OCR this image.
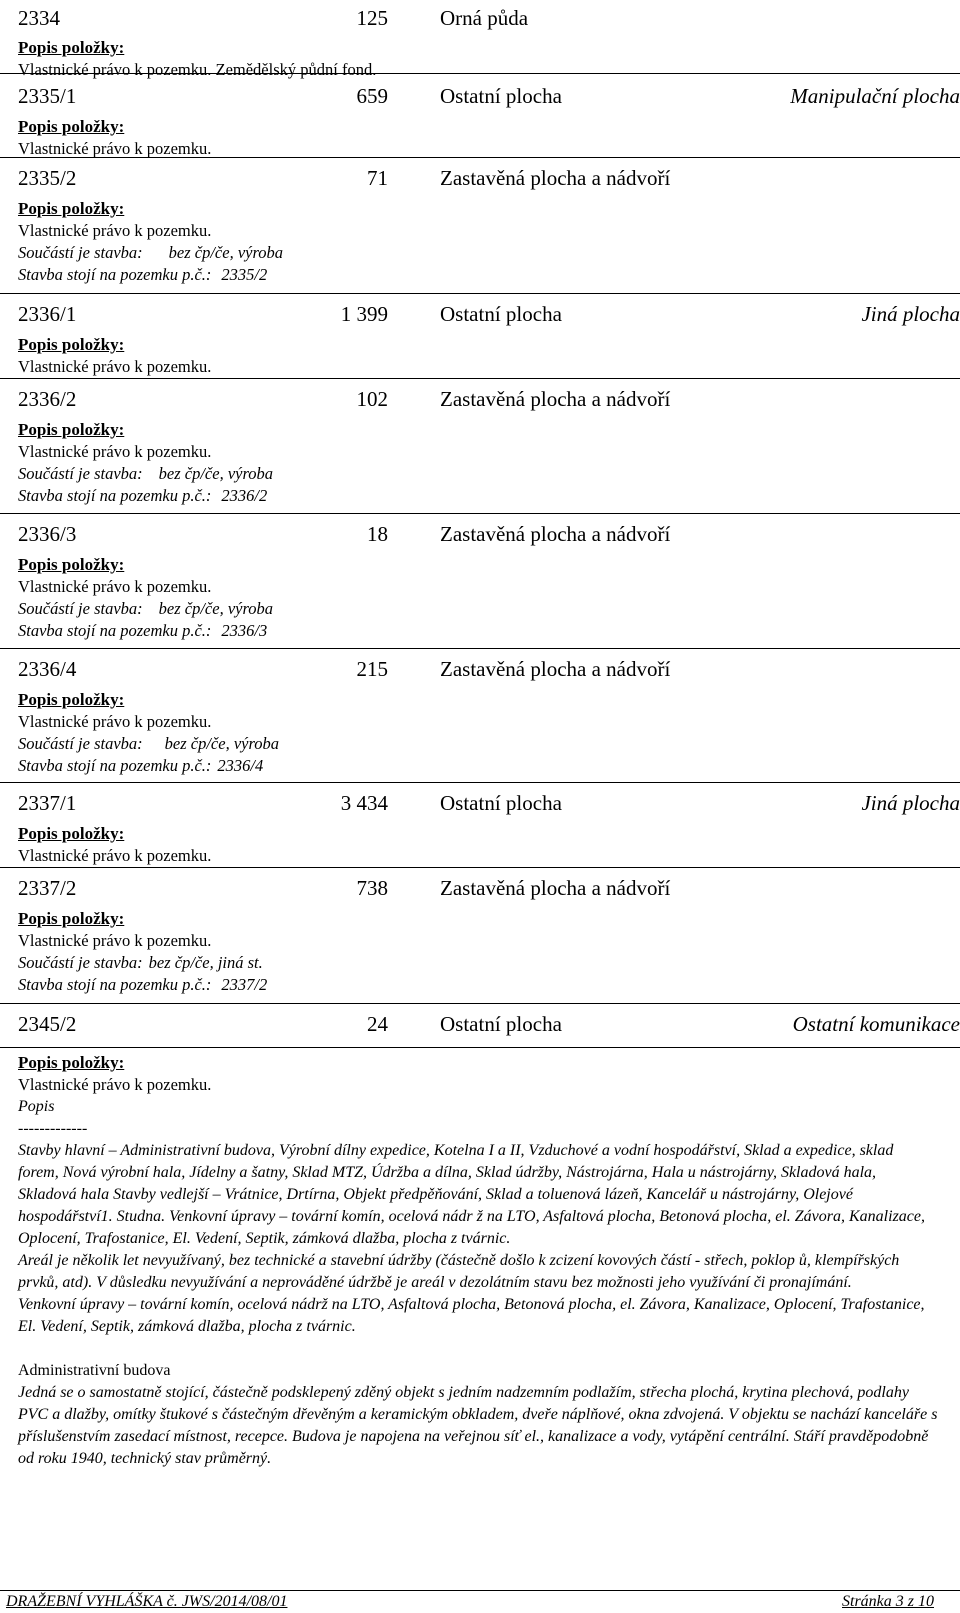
2334	125 Orná půda
Popis položky:
Vlastnické právo k pozemku. Zemědělský půdní fond.
2335/1	659 Ostatní plocha	Manipulační plocha
Popis položky:
Vlastnické právo k pozemku.
2335/2	71 Zastavěná plocha a nádvoří
Popis položky:
Vlastnické právo k pozemku.
Součástí je stavba: bez čp/če, výroba
Stavba stojí na pozemku p.č.: 2335/2
2336/1	1 399 Ostatní plocha	Jiná plocha
Popis položky:
Vlastnické právo k pozemku.
2336/2	102 Zastavěná plocha a nádvoří
Popis položky:
Vlastnické právo k pozemku.
Součástí je stavba: bez čp/če, výroba
Stavba stojí na pozemku p.č.: 2336/2
2336/3	18 Zastavěná plocha a nádvoří
Popis položky:
Vlastnické právo k pozemku.
Součástí je stavba: bez čp/če, výroba
Stavba stojí na pozemku p.č.: 2336/3
2336/4	215 Zastavěná plocha a nádvoří
Popis položky:
Vlastnické právo k pozemku.
Součástí je stavba: bez čp/če, výroba
Stavba stojí na pozemku p.č.: 2336/4
2337/1	3 434 Ostatní plocha	Jiná plocha
Popis položky:
Vlastnické právo k pozemku.
2337/2	738 Zastavěná plocha a nádvoří
Popis položky:
Vlastnické právo k pozemku.
Součástí je stavba: bez čp/če, jiná st.
Stavba stojí na pozemku p.č.: 2337/2
2345/2	24 Ostatní plocha	Ostatní komunikace
Popis položky:
Vlastnické právo k pozemku.

Popis

-------------

Stavby hlavní – Administrativní budova, Výrobní dílny expedice, Kotelna I a II, Vzduchové a vodní hospodářství, Sklad a expedice, sklad forem, Nová výrobní hala, Jídelny a šatny, Sklad MTZ, Údržba a dílna, Sklad údržby, Nástrojárna, Hala u nástrojárny, Skladová hala, Skladová hala Stavby vedlejší – Vrátnice, Drtírna, Objekt předpěňování, Sklad a toluenová lázeň, Kancelář u nástrojárny, Olejové hospodářství1. Studna. Venkovní úpravy – tovární komín, ocelová nádr ž na LTO, Asfaltová plocha, Betonová plocha, el. Závora, Kanalizace, Oplocení, Trafostanice, El. Vedení, Septik, zámková dlažba, plocha z tvárnic.

Areál je několik let nevyužívaný, bez technické a stavební údržby (částečně došlo k zcizení kovových částí - střech, poklop ů, klempířských prvků, atd). V důsledku nevyužívání a neprováděné údržbě je areál v dezolátním stavu bez možnosti jeho využívání či pronajímání.

Venkovní úpravy – tovární komín, ocelová nádrž na LTO, Asfaltová plocha, Betonová plocha, el. Závora, Kanalizace, Oplocení, Trafostanice, El. Vedení, Septik, zámková dlažba, plocha z tvárnic.

Administrativní budova

Jedná se o samostatně stojící, částečně podsklepený zděný objekt s jedním nadzemním podlažím, střecha plochá, krytina plechová, podlahy PVC a dlažby, omítky štukové s částečným dřevěným a keramickým obkladem, dveře náplňové, okna zdvojená. V objektu se nachází kanceláře s příslušenstvím zasedací místnost, recepce. Budova je napojena na veřejnou síť el., kanalizace a vody, vytápění centrální. Stáří pravděpodobně od roku 1940, technický stav průměrný.

DRAŽEBNÍ VYHLÁŠKA č. JWS/2014/08/01	Stránka 3 z 10
